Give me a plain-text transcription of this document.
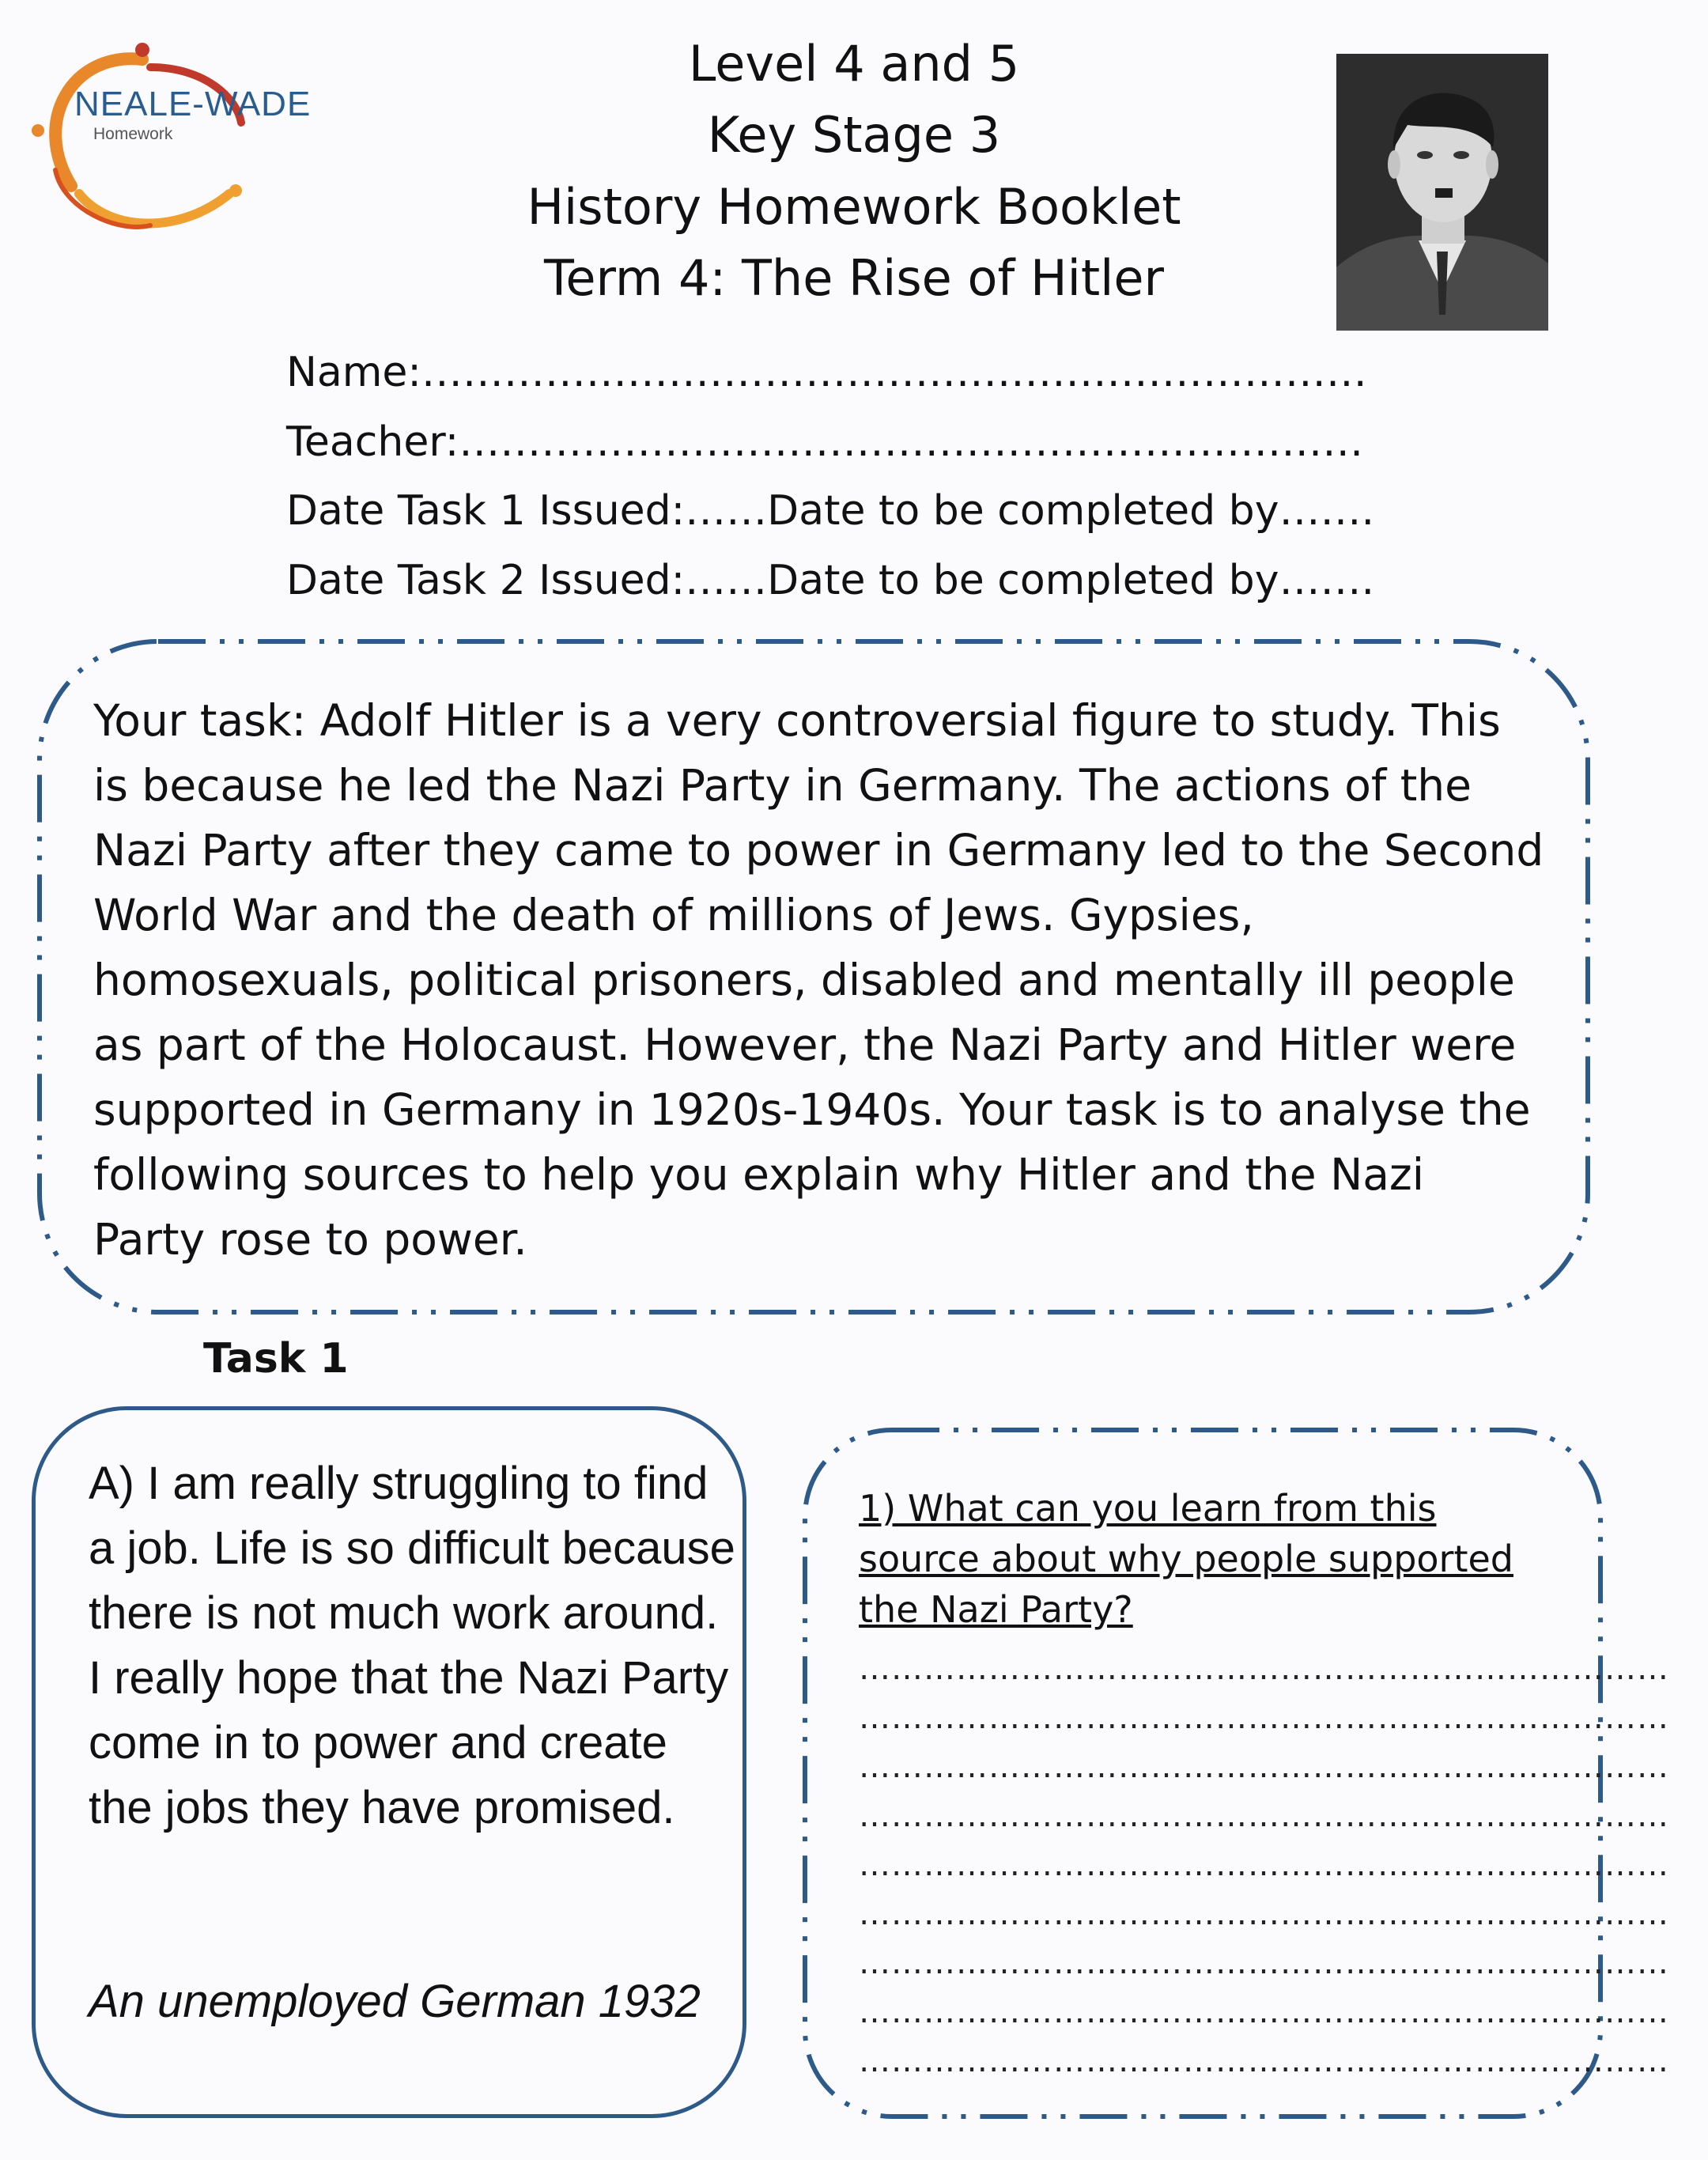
NEALE-WADE
Homework
Level 4 and 5
Key Stage 3
History Homework Booklet
Term 4: The Rise of Hitler
Name:……………………………………………………………
Teacher:…………………………………………………………
Date Task 1 Issued:……Date to be completed by…….
Date Task 2 Issued:……Date to be completed by…….
Your task: Adolf Hitler is a very controversial figure to study. This is because he led the Nazi Party in Germany. The actions of the Nazi Party after they came to power in Germany led to the Second World War and the death of millions of Jews. Gypsies, homosexuals, political prisoners, disabled and mentally ill people as part of the Holocaust. However, the Nazi Party and Hitler were supported in Germany in 1920s-1940s. Your task is to analyse the following sources to help you explain why Hitler and the Nazi Party rose to power.
Task 1
A) I am really struggling to find a job. Life is so difficult because there is not much work around. I really hope that the Nazi Party come in to power and create the jobs they have promised.
An unemployed German 1932
1) What can you learn from this source about why people supported the Nazi Party?
…………………………………………………………………
…………………………………………………………………
…………………………………………………………………
…………………………………………………………………
…………………………………………………………………
…………………………………………………………………
…………………………………………………………………
…………………………………………………………………
…………………………………………………………………
